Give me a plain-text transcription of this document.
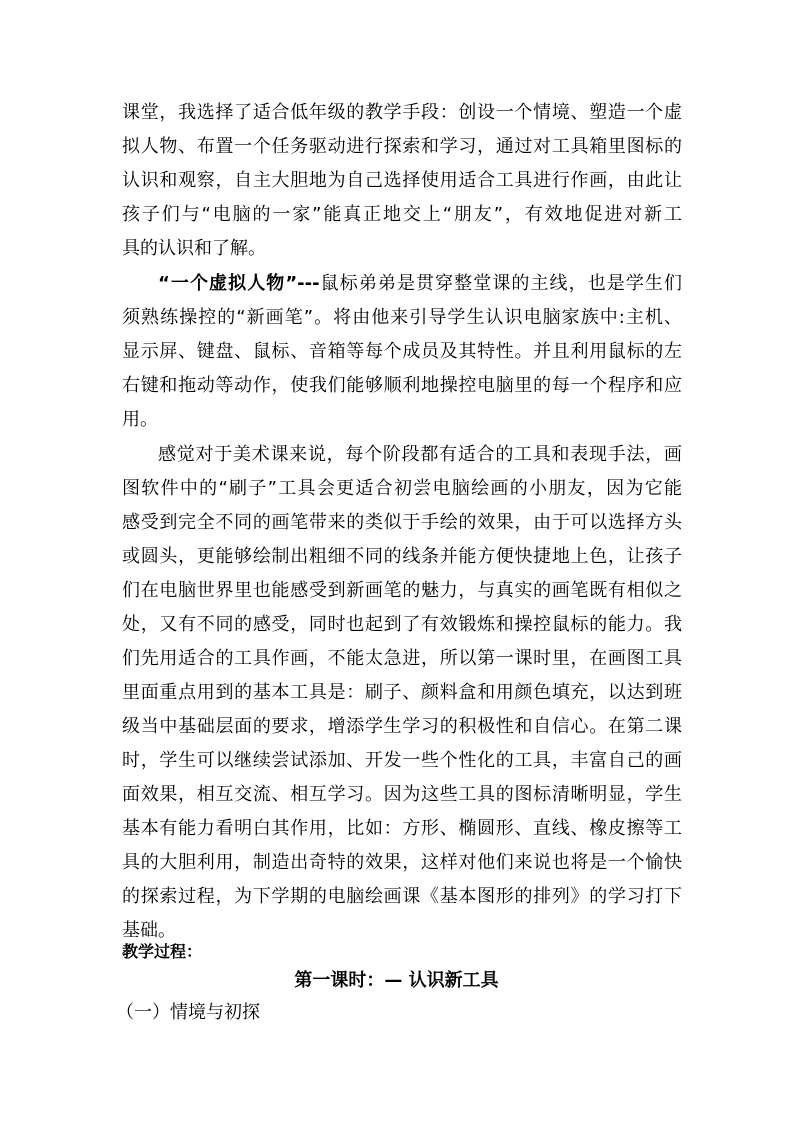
课堂，我选择了适合低年级的教学手段：创设一个情境、塑造一个虚
拟人物、布置一个任务驱动进行探索和学习，通过对工具箱里图标的
认识和观察，自主大胆地为自己选择使用适合工具进行作画，由此让
孩子们与“电脑的一家”能真正地交上“朋友”，有效地促进对新工
具的认识和了解。
“一个虚拟人物”---鼠标弟弟是贯穿整堂课的主线，也是学生们
须熟练操控的“新画笔”。将由他来引导学生认识电脑家族中:主机、
显示屏、键盘、鼠标、音箱等每个成员及其特性。并且利用鼠标的左
右键和拖动等动作，使我们能够顺利地操控电脑里的每一个程序和应
用。
感觉对于美术课来说，每个阶段都有适合的工具和表现手法，画
图软件中的“刷子”工具会更适合初尝电脑绘画的小朋友，因为它能
感受到完全不同的画笔带来的类似于手绘的效果，由于可以选择方头
或圆头，更能够绘制出粗细不同的线条并能方便快捷地上色，让孩子
们在电脑世界里也能感受到新画笔的魅力，与真实的画笔既有相似之
处，又有不同的感受，同时也起到了有效锻炼和操控鼠标的能力。我
们先用适合的工具作画，不能太急进，所以第一课时里，在画图工具
里面重点用到的基本工具是：刷子、颜料盒和用颜色填充，以达到班
级当中基础层面的要求，增添学生学习的积极性和自信心。在第二课
时，学生可以继续尝试添加、开发一些个性化的工具，丰富自己的画
面效果，相互交流、相互学习。因为这些工具的图标清晰明显，学生
基本有能力看明白其作用，比如：方形、椭圆形、直线、橡皮擦等工
具的大胆利用，制造出奇特的效果，这样对他们来说也将是一个愉快
的探索过程，为下学期的电脑绘画课《基本图形的排列》的学习打下
基础。
教学过程：
第一课时：— 认识新工具
（一）情境与初探
